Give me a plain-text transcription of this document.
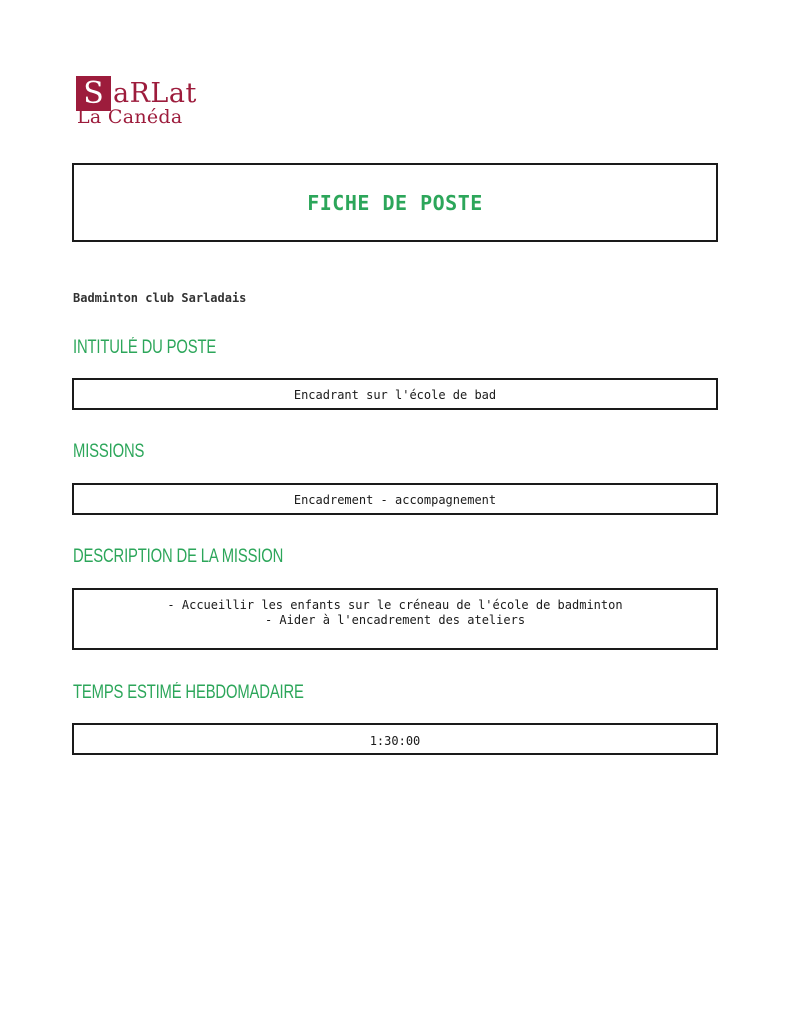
S aRLat
La Canéda
FICHE DE POSTE
Badminton club Sarladais
INTITULÉ DU POSTE
Encadrant sur l'école de bad
MISSIONS
Encadrement - accompagnement
DESCRIPTION DE LA MISSION
- Accueillir les enfants sur le créneau de l'école de badminton
- Aider à l'encadrement des ateliers
TEMPS ESTIMÉ HEBDOMADAIRE
1:30:00
